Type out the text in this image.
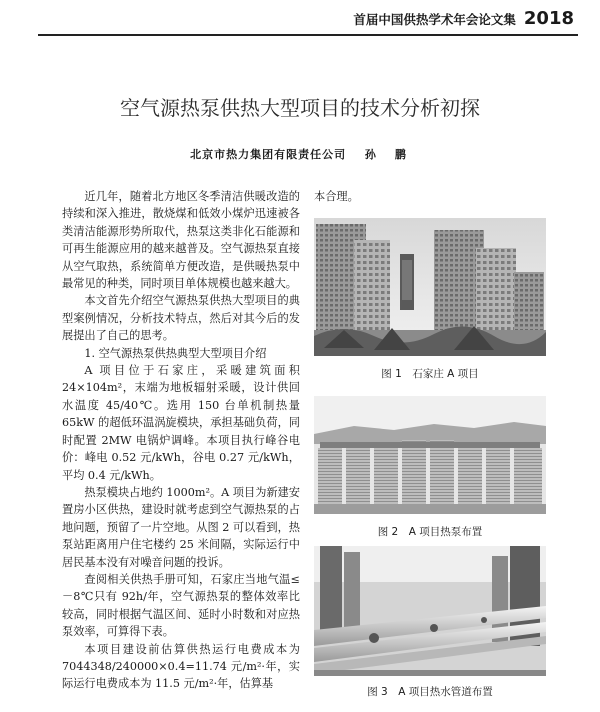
首届中国供热学术年会论文集 2018
空气源热泵供热大型项目的技术分析初探
北京市热力集团有限责任公司 孙　鹏

近几年，随着北方地区冬季清洁供暖改造的持续和深入推进，散烧煤和低效小煤炉迅速被各类清洁能源形势所取代，热泵这类非化石能源和可再生能源应用的越来越普及。空气源热泵直接从空气取热，系统简单方便改造，是供暖热泵中最常见的种类，同时项目单体规模也越来越大。

本文首先介绍空气源热泵供热大型项目的典型案例情况，分析技术特点，然后对其今后的发展提出了自己的思考。

1. 空气源热泵供热典型大型项目介绍

A 项目位于石家庄，采暖建筑面积 24×104m²，末端为地板辐射采暖，设计供回水温度 45/40℃。选用 150 台单机制热量 65kW 的超低环温涡旋模块，承担基础负荷，同时配置 2MW 电锅炉调峰。本项目执行峰谷电价：峰电 0.52 元/kWh，谷电 0.27 元/kWh，平均 0.4 元/kWh。

热泵模块占地约 1000m²。A 项目为新建安置房小区供热，建设时就考虑到空气源热泵的占地问题，预留了一片空地。从图 2 可以看到，热泵站距离用户住宅楼约 25 米间隔，实际运行中居民基本没有对噪音问题的投诉。

查阅相关供热手册可知，石家庄当地气温≤－8℃只有 92h/年，空气源热泵的整体效率比较高，同时根据气温区间、延时小时数和对应热泵效率，可算得下表。

本项目建设前估算供热运行电费成本为 7044348/240000×0.4=11.74 元/m²·年，实际运行电费成本为 11.5 元/m²·年，估算基

本合理。
图 1　石家庄 A 项目
图 2　A 项目热泵布置
图 3　A 项目热水管道布置
